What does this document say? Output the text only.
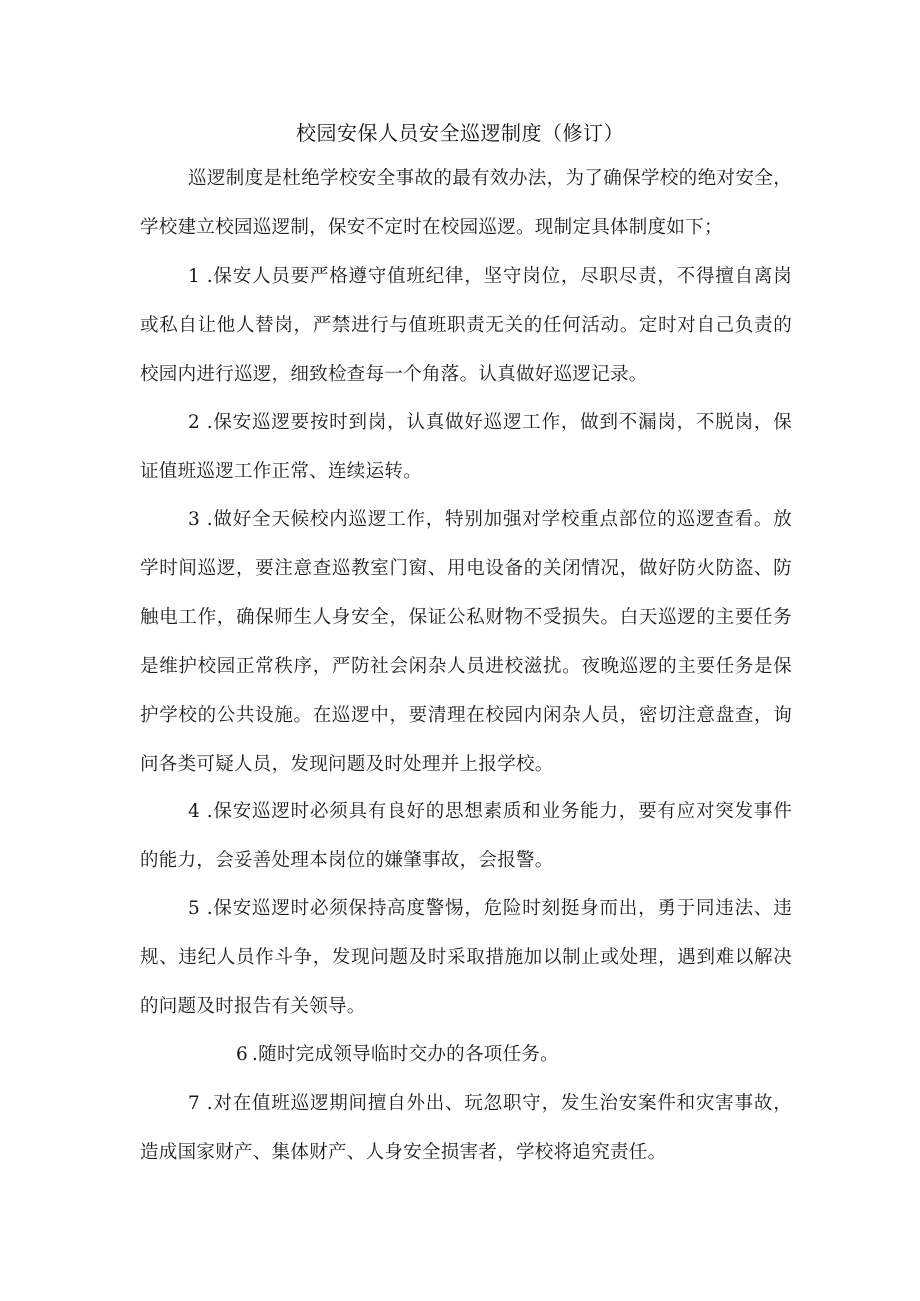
校园安保人员安全巡逻制度（修订）

巡逻制度是杜绝学校安全事故的最有效办法，为了确保学校的绝对安全，学校建立校园巡逻制，保安不定时在校园巡逻。现制定具体制度如下；

1 .保安人员要严格遵守值班纪律，坚守岗位，尽职尽责，不得擅自离岗或私自让他人替岗，严禁进行与值班职责无关的任何活动。定时对自己负责的校园内进行巡逻，细致检查每一个角落。认真做好巡逻记录。

2 .保安巡逻要按时到岗，认真做好巡逻工作，做到不漏岗，不脱岗，保证值班巡逻工作正常、连续运转。

3 .做好全天候校内巡逻工作，特别加强对学校重点部位的巡逻查看。放学时间巡逻，要注意查巡教室门窗、用电设备的关闭情况，做好防火防盗、防触电工作，确保师生人身安全，保证公私财物不受损失。白天巡逻的主要任务是维护校园正常秩序，严防社会闲杂人员进校滋扰。夜晚巡逻的主要任务是保护学校的公共设施。在巡逻中，要清理在校园内闲杂人员，密切注意盘查，询问各类可疑人员，发现问题及时处理并上报学校。

4 .保安巡逻时必须具有良好的思想素质和业务能力，要有应对突发事件的能力，会妥善处理本岗位的嫌肇事故，会报警。

5 .保安巡逻时必须保持高度警惕，危险时刻挺身而出，勇于同违法、违规、违纪人员作斗争，发现问题及时采取措施加以制止或处理，遇到难以解决的问题及时报告有关领导。

6 .随时完成领导临时交办的各项任务。

7 .对在值班巡逻期间擅自外出、玩忽职守，发生治安案件和灾害事故，造成国家财产、集体财产、人身安全损害者，学校将追究责任。
